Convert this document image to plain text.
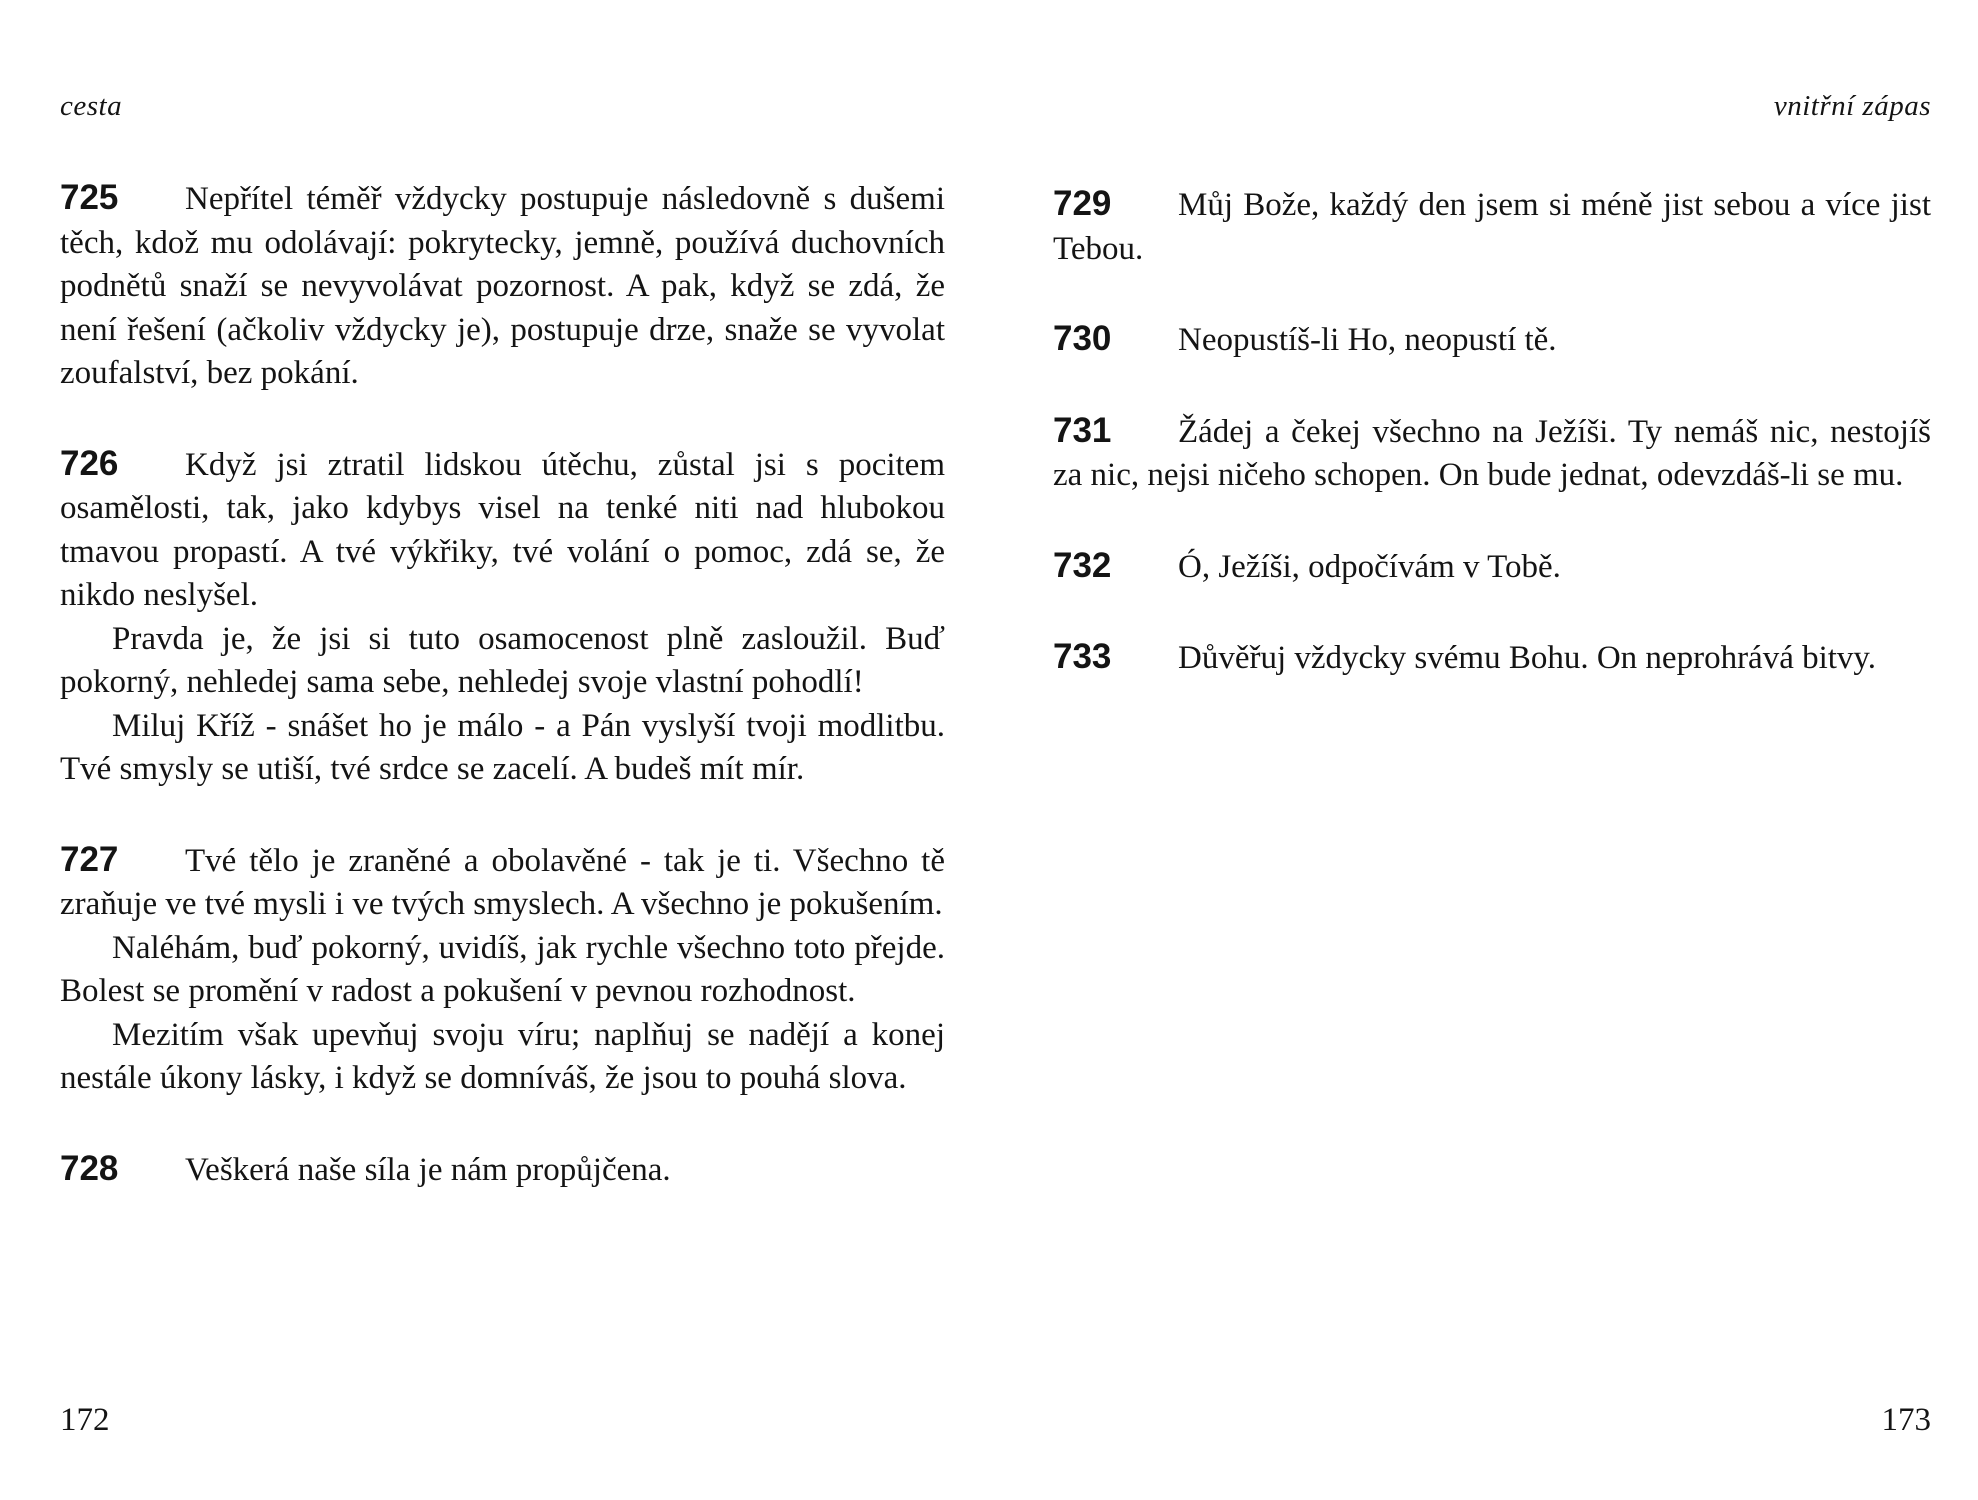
cesta

725 Nepřítel téměř vždycky postupuje následovně s dušemi těch, kdož mu odolávají: pokrytecky, jemně, používá duchovních podnětů snaží se nevyvolávat pozornost. A pak, když se zdá, že není řešení (ačkoliv vždycky je), postupuje drze, snaže se vyvolat zoufalství, bez pokání.

726 Když jsi ztratil lidskou útěchu, zůstal jsi s pocitem osamělosti, tak, jako kdybys visel na tenké niti nad hlubokou tmavou propastí. A tvé výkřiky, tvé volání o pomoc, zdá se, že nikdo neslyšel.

Pravda je, že jsi si tuto osamocenost plně zasloužil. Buď pokorný, nehledej sama sebe, nehledej svoje vlastní pohodlí!

Miluj Kříž - snášet ho je málo - a Pán vyslyší tvoji modlitbu. Tvé smysly se utiší, tvé srdce se zacelí. A budeš mít mír.

727 Tvé tělo je zraněné a obolavěné - tak je ti. Všechno tě zraňuje ve tvé mysli i ve tvých smyslech. A všechno je pokušením.

Naléhám, buď pokorný, uvidíš, jak rychle všechno toto přejde. Bolest se promění v radost a pokušení v pevnou rozhodnost.

Mezitím však upevňuj svoju víru; naplňuj se nadějí a konej nestále úkony lásky, i když se domníváš, že jsou to pouhá slova.

728 Veškerá naše síla je nám propůjčena.

172
vnitřní zápas

729 Můj Bože, každý den jsem si méně jist sebou a více jist Tebou.

730 Neopustíš-li Ho, neopustí tě.

731 Žádej a čekej všechno na Ježíši. Ty nemáš nic, nestojíš za nic, nejsi ničeho schopen. On bude jednat, odevzdáš-li se mu.

732 Ó, Ježíši, odpočívám v Tobě.

733 Důvěřuj vždycky svému Bohu. On neprohrává bitvy.

173
